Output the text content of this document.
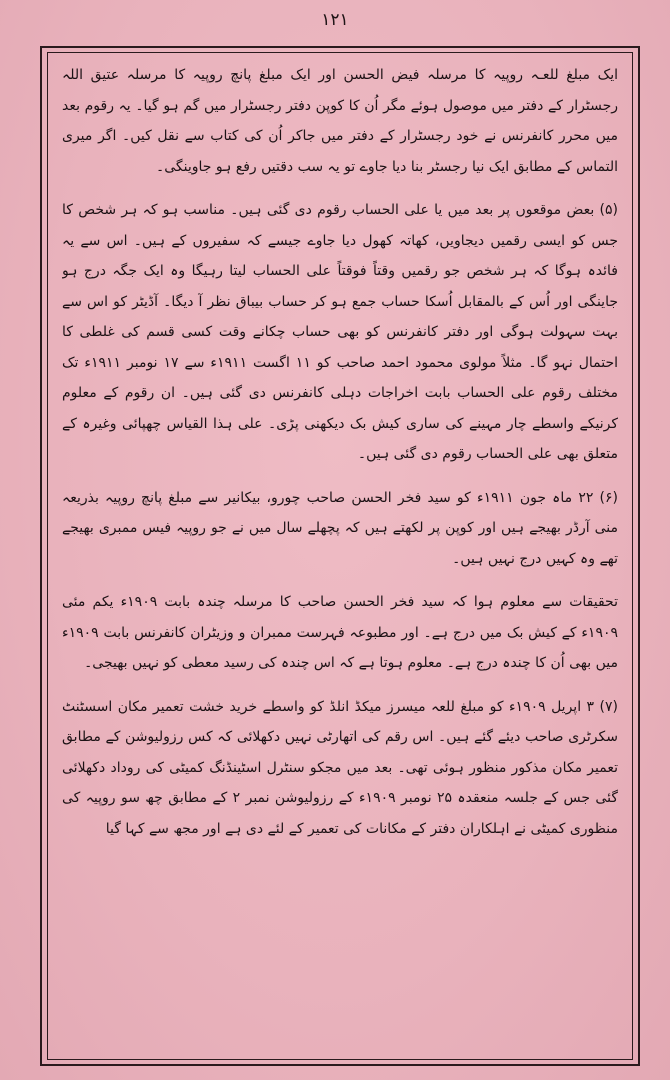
۱۲۱

ایک مبلغ للعـہ روپیہ کا مرسلہ فیض الحسن اور ایک مبلغ پانچ روپیہ کا مرسلہ عتیق اللہ رجسٹرار کے دفتر میں موصول ہوئے مگر اُن کا کوپن دفتر رجسٹرار میں گم ہو گیا۔ یہ رقوم بعد میں محرر کانفرنس نے خود رجسٹرار کے دفتر میں جاکر اُن کی کتاب سے نقل کیں۔ اگر میری التماس کے مطابق ایک نیا رجسٹر بنا دیا جاوے تو یہ سب دقتیں رفع ہو جاوینگی۔

(۵) بعض موقعوں پر بعد میں یا علی الحساب رقوم دی گئی ہیں۔ مناسب ہو کہ ہر شخص کا جس کو ایسی رقمیں دیجاویں، کھاتہ کھول دیا جاوے جیسے کہ سفیروں کے ہیں۔ اس سے یہ فائدہ ہوگا کہ ہر شخص جو رقمیں وقتاً فوقتاً علی الحساب لیتا رہیگا وہ ایک جگہ درج ہو جاینگی اور اُس کے بالمقابل اُسکا حساب جمع ہو کر حساب بیباق نظر آ دیگا۔ آڈیٹر کو اس سے بہت سہولت ہوگی اور دفتر کانفرنس کو بھی حساب چکانے وقت کسی قسم کی غلطی کا احتمال نہو گا۔ مثلاً مولوی محمود احمد صاحب کو ۱۱ اگست ۱۹۱۱ء سے ۱۷ نومبر ۱۹۱۱ء تک مختلف رقوم علی الحساب بابت اخراجات دہلی کانفرنس دی گئی ہیں۔ ان رقوم کے معلوم کرنیکے واسطے چار مہینے کی ساری کیش بک دیکھنی پڑی۔ علی ہذا القیاس چھپائی وغیرہ کے متعلق بھی علی الحساب رقوم دی گئی ہیں۔

(۶) ۲۲ ماہ جون ۱۹۱۱ء کو سید فخر الحسن صاحب چورو، بیکانیر سے مبلغ پانچ روپیہ بذریعہ منی آرڈر بھیجے ہیں اور کوپن پر لکھتے ہیں کہ پچھلے سال میں نے جو روپیہ فیس ممبری بھیجے تھے وہ کہیں درج نہیں ہیں۔

تحقیقات سے معلوم ہوا کہ سید فخر الحسن صاحب کا مرسلہ چندہ بابت ۱۹۰۹ء یکم مئی ۱۹۰۹ء کے کیش بک میں درج ہے۔ اور مطبوعہ فہرست ممبران و وزیٹران کانفرنس بابت ۱۹۰۹ء میں بھی اُن کا چندہ درج ہے۔ معلوم ہوتا ہے کہ اس چندہ کی رسید معطی کو نہیں بھیجی۔

(۷) ۳ اپریل ۱۹۰۹ء کو مبلغ للعہ میسرز میکڈ انلڈ کو واسطے خرید خشت تعمیر مکان اسسٹنٹ سکرٹری صاحب دیئے گئے ہیں۔ اس رقم کی اتھارٹی نہیں دکھلائی کہ کس رزولیوشن کے مطابق تعمیر مکان مذکور منظور ہوئی تھی۔ بعد میں مجکو سنٹرل اسٹینڈنگ کمیٹی کی روداد دکھلائی گئی جس کے جلسہ منعقدہ ۲۵ نومبر ۱۹۰۹ء کے رزولیوشن نمبر ۲ کے مطابق چھ سو روپیہ کی منظوری کمیٹی نے اہلکاران دفتر کے مکانات کی تعمیر کے لئے دی ہے اور مجھ سے کہا گیا
